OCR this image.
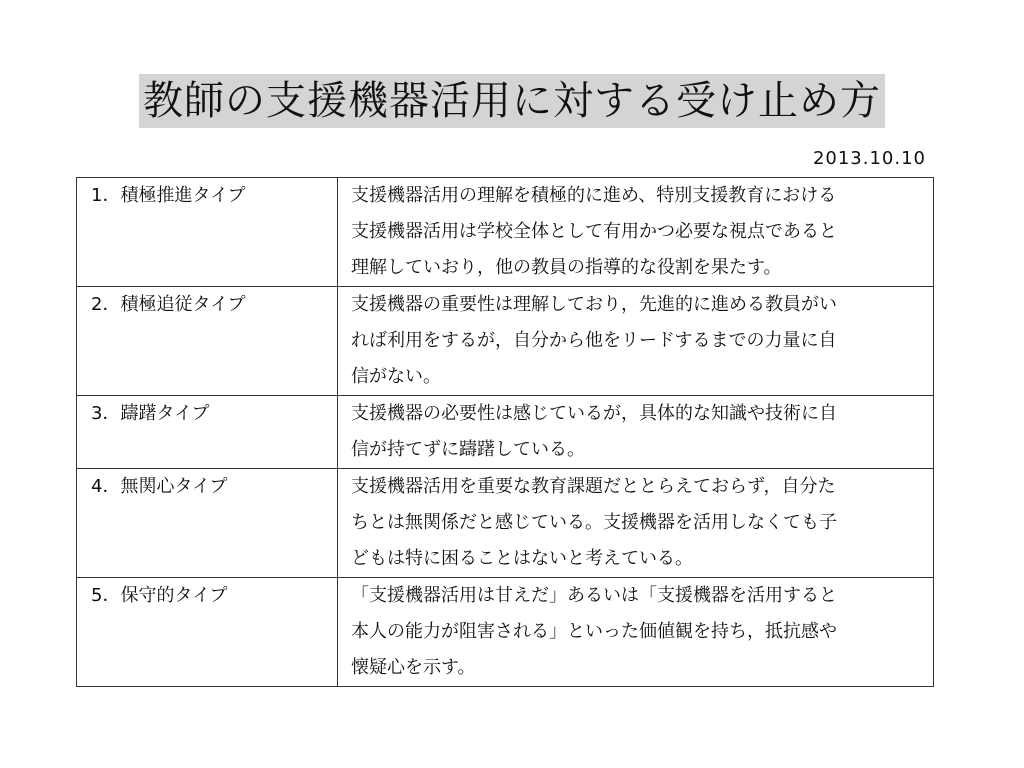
教師の支援機器活用に対する受け止め方
2013.10.10
1．積極推進タイプ	支援機器活用の理解を積極的に進め、特別支援教育における
支援機器活用は学校全体として有用かつ必要な視点であると
理解していおり，他の教員の指導的な役割を果たす。

2．積極追従タイプ	支援機器の重要性は理解しており，先進的に進める教員がい
れば利用をするが，自分から他をリードするまでの力量に自
信がない。

3．躊躇タイプ	支援機器の必要性は感じているが，具体的な知識や技術に自
信が持てずに躊躇している。

4．無関心タイプ	支援機器活用を重要な教育課題だととらえておらず，自分た
ちとは無関係だと感じている。支援機器を活用しなくても子
どもは特に困ることはないと考えている。

5．保守的タイプ	「支援機器活用は甘えだ」あるいは「支援機器を活用すると
本人の能力が阻害される」といった価値観を持ち，抵抗感や
懐疑心を示す。
